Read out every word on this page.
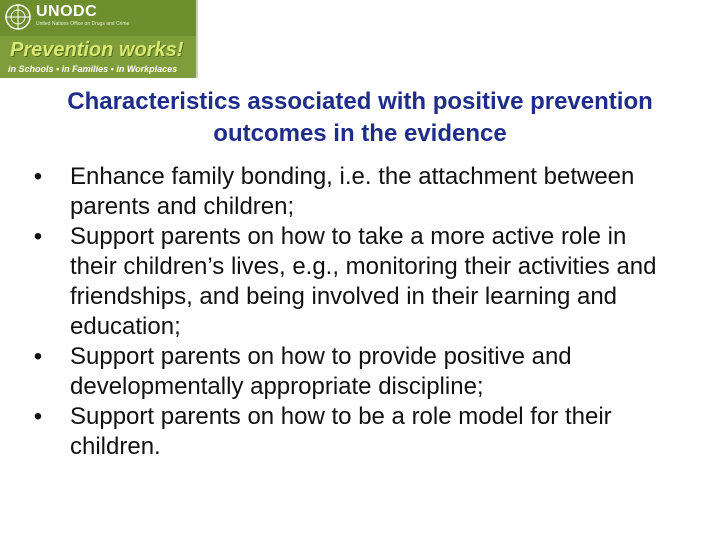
UNODC
United Nations Office on Drugs and Crime
Prevention works!
in Schools • in Families • in Workplaces
Characteristics associated with positive prevention outcomes in the evidence
• Enhance family bonding, i.e. the attachment between parents and children;
• Support parents on how to take a more active role in their children’s lives, e.g., monitoring their activities and friendships, and being involved in their learning and education;
• Support parents on how to provide positive and developmentally appropriate discipline;
• Support parents on how to be a role model for their children.
